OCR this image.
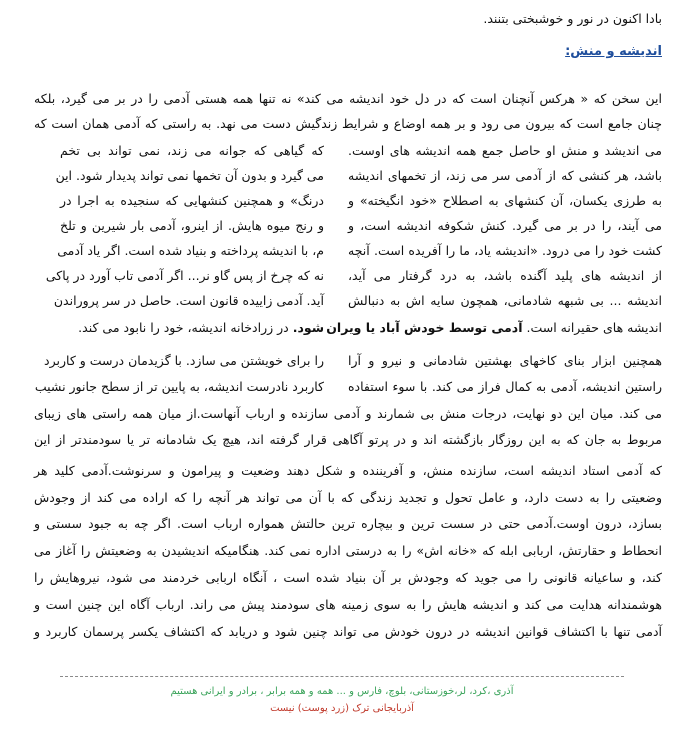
بادا اکنون در نور و خوشبختی بتنند.
اندیشه و منش:
این سخن که « هرکس آنچنان است که در دل خود اندیشه می کند» نه تنها همه هستی آدمی را در بر می گیرد، بلکه
چنان جامع است که بیرون می رود و بر همه اوضاع و شرایط زندگیش دست می نهد. به راستی که آدمی همان است که
می اندیشد و منش او حاصل جمع همه اندیشه های اوست.
باشد، هر کنشی که از آدمی سر می زند، از تخمهای اندیشه
به طرزی یکسان، آن کنشهای به اصطلاح «خود انگیخته» و
می آیند، را در بر می گیرد. کنش شکوفه اندیشه است، و
کشت خود را می درود. «اندیشه یاد، ما را آفریده است. آنچه
از اندیشه های پلید آگنده باشد، به درد گرفتار می آید،
اندیشه ... بی شبهه شادمانی، همچون سایه اش به دنبالش
اندیشه های حقیرانه است. آدمی توسط خودش آباد یا ویران
که گیاهی که جوانه می زند، نمی تواند بی تخم
می گیرد و بدون آن تخمها نمی تواند پدیدار شود. این
درنگ» و همچنین کنشهایی که سنجیده به اجرا در
و رنج میوه هایش. از اینرو، آدمی بار شیرین و تلخ
م، با اندیشه پرداخته و بنیاد شده است. اگر یاد آدمی
نه که چرخ از پس گاو نر... اگر آدمی تاب آورد در پاکی
آید. آدمی زاییده قانون است. حاصل در سر پروراندن
شود. در زرادخانه اندیشه، خود را نابود می کند.
همچنین ابزار بنای کاخهای بهشتین شادمانی و نیرو و آرا
راستین اندیشه، آدمی به کمال فراز می کند. با سوء استفاده
را برای خویشتن می سازد. با گزیدمان درست و کاربرد
کاربرد نادرست اندیشه، به پایین تر از سطح جانور نشیب
می کند. میان این دو نهایت، درجات منش بی شمارند و آدمی سازنده و ارباب آنهاست.از میان همه راستی های زیبای
مربوط به جان که به این روزگار بازگشته اند و در پرتو آگاهی قرار گرفته اند، هیچ یک شادمانه تر یا سودمندتر از این
که آدمی استاد اندیشه است، سازنده منش، و آفریننده و شکل دهند وضعیت و پیرامون و سرنوشت.آدمی کلید هر
وضعیتی را به دست دارد، و عامل تحول و تجدید زندگی که با آن می تواند هر آنچه را که اراده می کند از وجودش
بسازد، درون اوست.آدمی حتی در سست ترین و بیچاره ترین حالتش همواره ارباب است. اگر چه به جبود سستی و
انحطاط و حقارتش، اربابی ابله که «خانه اش» را به درستی اداره نمی کند. هنگامیکه اندیشیدن به وضعیتش را آغاز می
کند، و ساعیانه قانونی را می جوید که وجودش بر آن بنیاد شده است ، آنگاه اربابی خردمند می شود، نیروهایش را
هوشمندانه هدایت می کند و اندیشه هایش را به سوی زمینه های سودمند پیش می راند. ارباب آگاه این چنین است و
آدمی تنها با اکتشاف قوانین اندیشه در درون خودش می تواند چنین شود و دریابد که اکتشاف یکسر پرسمان کاربرد و
آذری ،کرد، لر،خوزستانی، بلوچ، فارس و ... همه و همه برابر ، برادر و ایرانی هستیم
آذربایجانی ترک (زرد پوست) نیست
